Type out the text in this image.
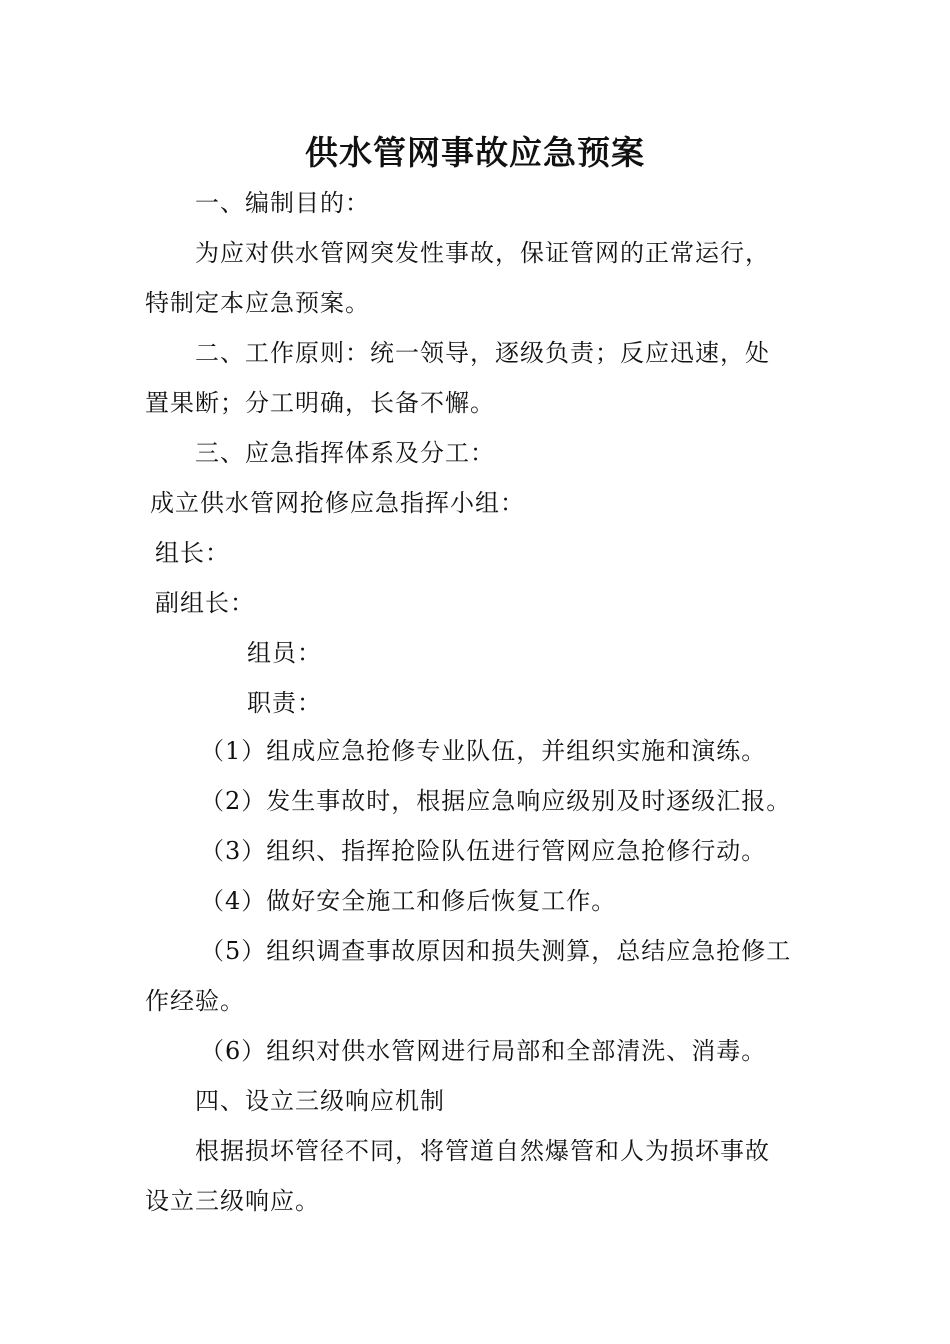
供水管网事故应急预案
一、编制目的：
为应对供水管网突发性事故，保证管网的正常运行，
特制定本应急预案。
二、工作原则：统一领导，逐级负责；反应迅速，处
置果断；分工明确，长备不懈。
三、应急指挥体系及分工：
成立供水管网抢修应急指挥小组：
组长：
副组长：
组员：
职责：
（1）组成应急抢修专业队伍，并组织实施和演练。
（2）发生事故时，根据应急响应级别及时逐级汇报。
（3）组织、指挥抢险队伍进行管网应急抢修行动。
（4）做好安全施工和修后恢复工作。
（5）组织调查事故原因和损失测算，总结应急抢修工
作经验。
（6）组织对供水管网进行局部和全部清洗、消毒。
四、设立三级响应机制
根据损坏管径不同，将管道自然爆管和人为损坏事故
设立三级响应。
